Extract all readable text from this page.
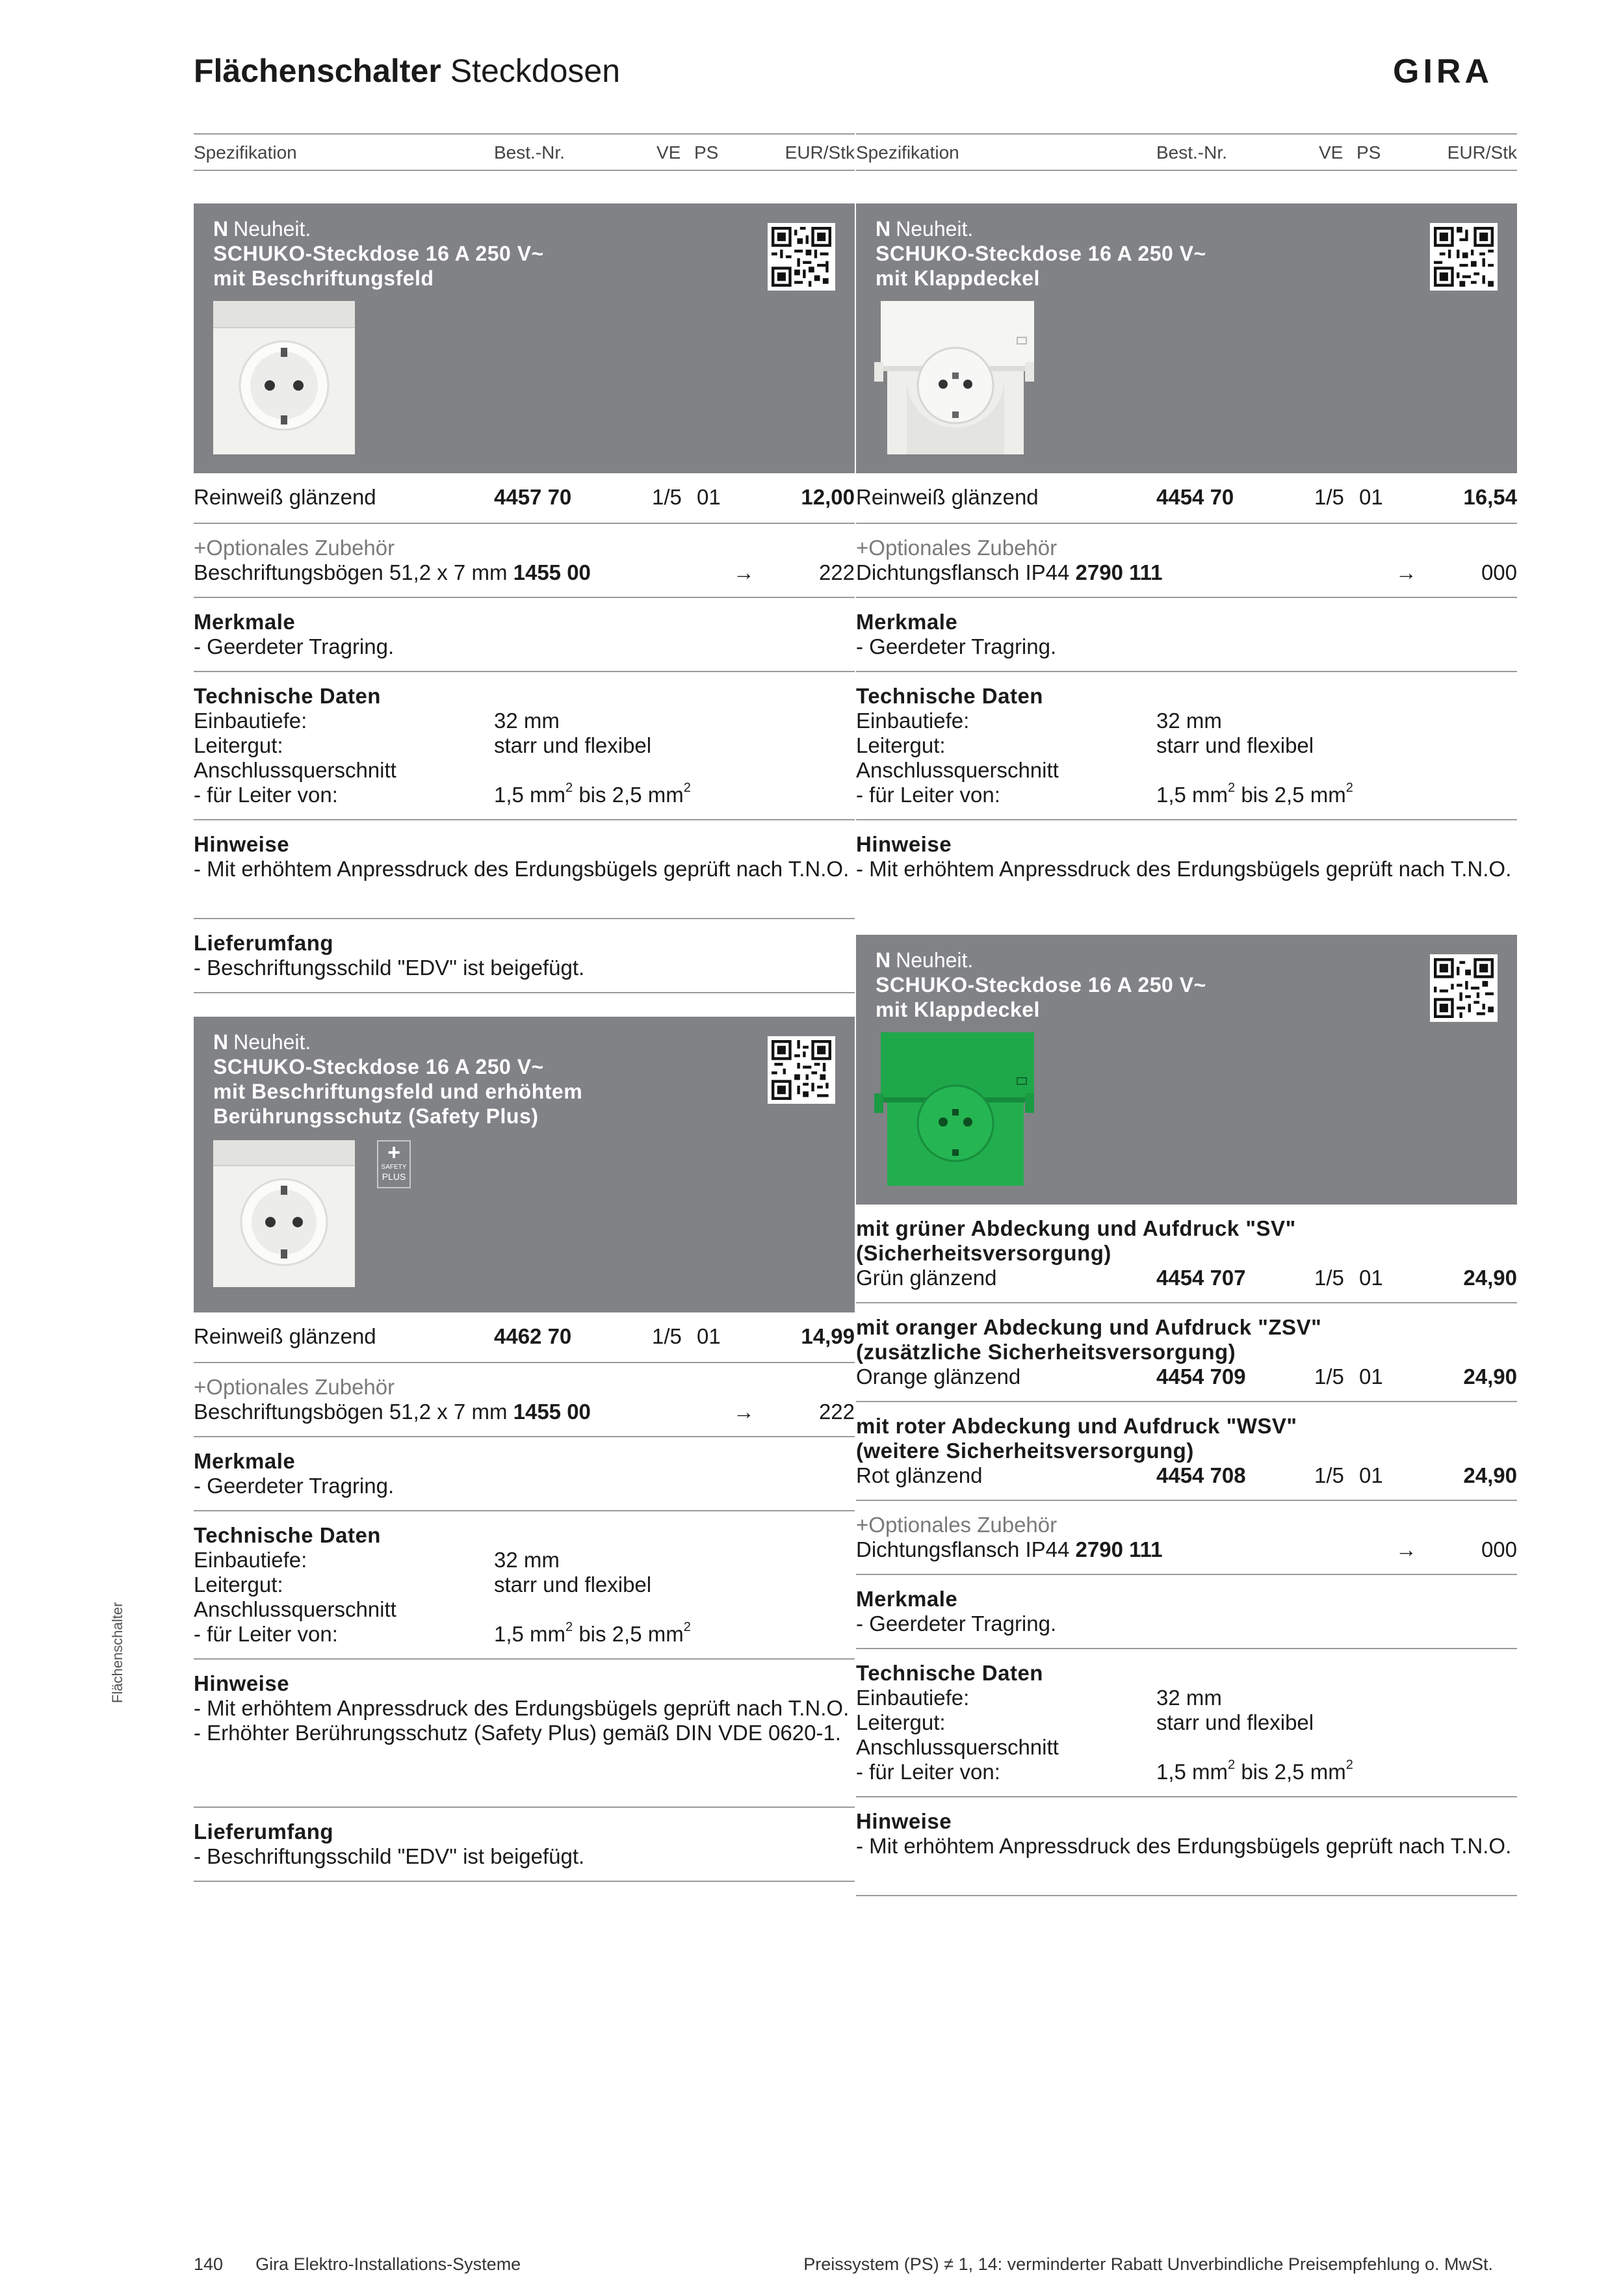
Flächenschalter Steckdosen	GIRA
Spezifikation	Best.-Nr.	VE PS	EUR/Stk
N Neuheit.
SCHUKO-Steckdose 16 A 250 V~
mit Beschriftungsfeld
Reinweiß glänzend	4457 70	1/5 01	12,00
+Optionales Zubehör
Beschriftungsbögen 51,2 x 7 mm 1455 00	→	222
Merkmale
- Geerdeter Tragring.
Technische Daten
Einbautiefe:	32 mm
Leitergut:	starr und flexibel
Anschlussquerschnitt
- für Leiter von:	1,5 $mm^2$ bis 2,5 $mm^2$
Hinweise
- Mit erhöhtem Anpressdruck des Erdungsbügels geprüft nach T.N.O.
Lieferumfang
- Beschriftungsschild "EDV" ist beigefügt.
N Neuheit.
SCHUKO-Steckdose 16 A 250 V~
mit Beschriftungsfeld und erhöhtem
Berührungsschutz (Safety Plus)
+
SAFETY
PLUS
Reinweiß glänzend	4462 70	1/5 01	14,99
+Optionales Zubehör
Beschriftungsbögen 51,2 x 7 mm 1455 00	→	222
Merkmale
- Geerdeter Tragring.
Technische Daten
Einbautiefe:	32 mm
Leitergut:	starr und flexibel
Anschlussquerschnitt
- für Leiter von:	1,5 $mm^2$ bis 2,5 $mm^2$
Hinweise
- Mit erhöhtem Anpressdruck des Erdungsbügels geprüft nach T.N.O.
- Erhöhter Berührungsschutz (Safety Plus) gemäß DIN VDE 0620-1.
Lieferumfang
- Beschriftungsschild "EDV" ist beigefügt.
Spezifikation	Best.-Nr.	VE PS	EUR/Stk
N Neuheit.
SCHUKO-Steckdose 16 A 250 V~
mit Klappdeckel
Reinweiß glänzend	4454 70	1/5 01	16,54
+Optionales Zubehör
Dichtungsflansch IP44 2790 111	→	000
Merkmale
- Geerdeter Tragring.
Technische Daten
Einbautiefe:	32 mm
Leitergut:	starr und flexibel
Anschlussquerschnitt
- für Leiter von:	1,5 $mm^2$ bis 2,5 $mm^2$
Hinweise
- Mit erhöhtem Anpressdruck des Erdungsbügels geprüft nach T.N.O.
N Neuheit.
SCHUKO-Steckdose 16 A 250 V~
mit Klappdeckel
mit grüner Abdeckung und Aufdruck "SV"
(Sicherheitsversorgung)
Grün glänzend	4454 707	1/5 01	24,90
mit oranger Abdeckung und Aufdruck "ZSV"
(zusätzliche Sicherheitsversorgung)
Orange glänzend	4454 709	1/5 01	24,90
mit roter Abdeckung und Aufdruck "WSV"
(weitere Sicherheitsversorgung)
Rot glänzend	4454 708	1/5 01	24,90
+Optionales Zubehör
Dichtungsflansch IP44 2790 111	→	000
Merkmale
- Geerdeter Tragring.
Technische Daten
Einbautiefe:	32 mm
Leitergut:	starr und flexibel
Anschlussquerschnitt
- für Leiter von:	1,5 $mm^2$ bis 2,5 $mm^2$
Hinweise
- Mit erhöhtem Anpressdruck des Erdungsbügels geprüft nach T.N.O.
Flächenschalter
140 Gira Elektro-Installations-Systeme	Preissystem (PS) ≠ 1, 14: verminderter Rabatt Unverbindliche Preisempfehlung o. MwSt.
